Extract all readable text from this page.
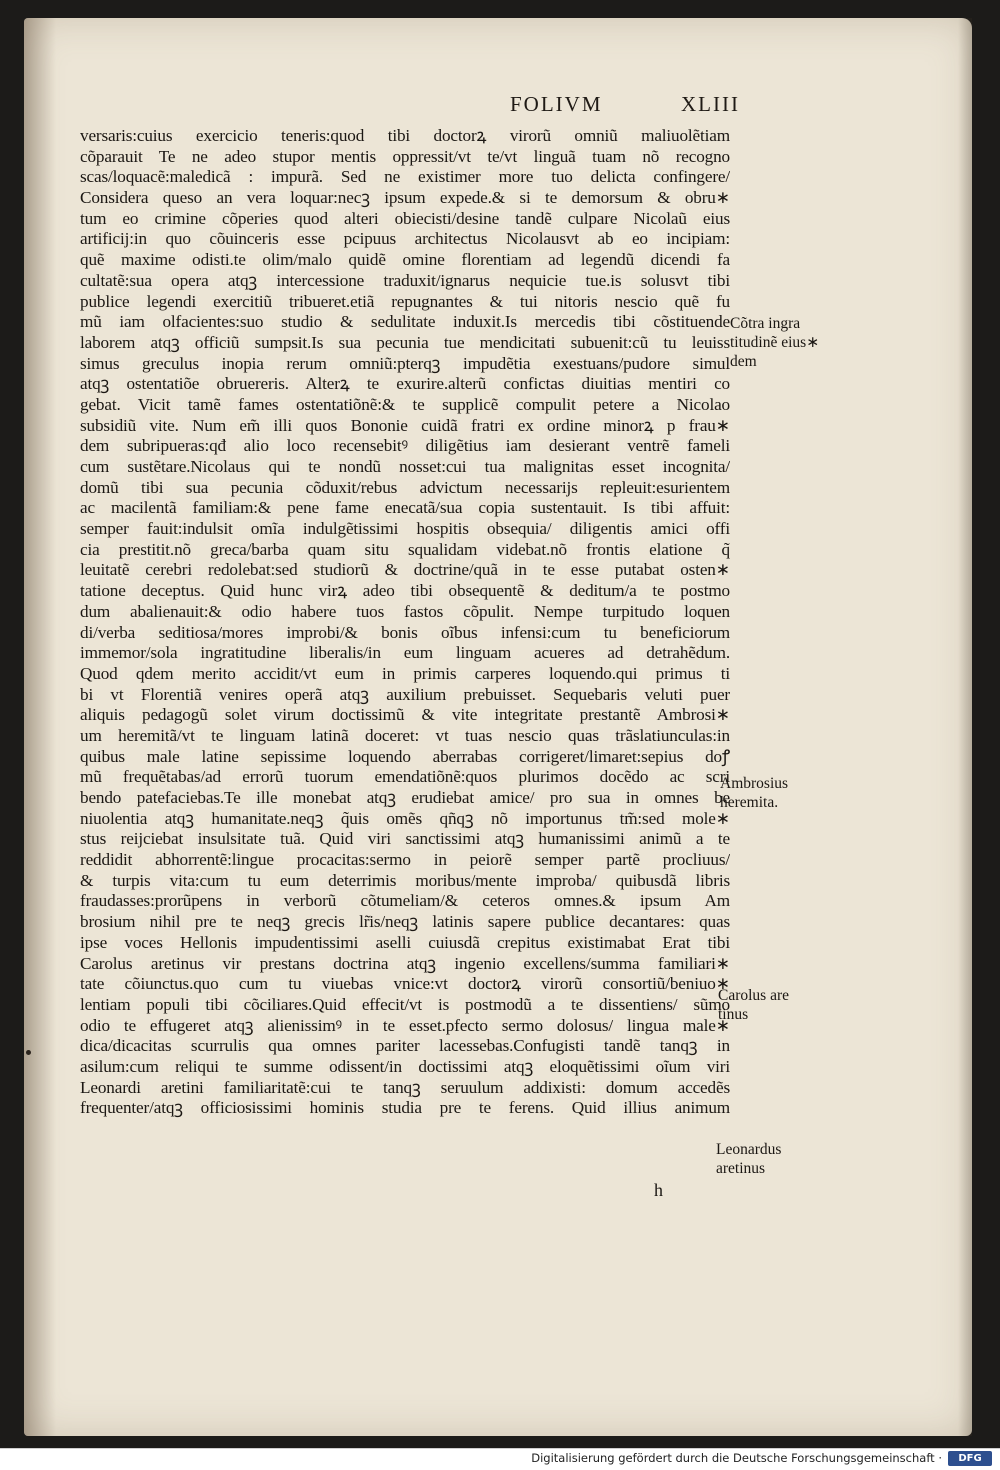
FOLIVM	XLIII
versaris:cuius exercicio teneris:quod tibi doctorꝝ virorũ omniũ maliuolẽtiam
cõparauit Te ne adeo stupor mentis oppressit/vt te/vt linguã tuam nõ recogno
scas/loquacẽ:maledicã : impurã. Sed ne existimer more tuo delicta confingere/
Considera queso an vera loquar:necꝫ ipsum expede.& si te demorsum & obru∗
tum eo crimine cõperies quod alteri obiecisti/desine tandẽ culpare Nicolaũ eius
artificij:in quo cõuinceris esse pcipuus architectus Nicolausvt ab eo incipiam:
quẽ maxime odisti.te olim/malo quidẽ omine florentiam ad legendũ dicendi fa
cultatẽ:sua opera atqꝫ intercessione traduxit/ignarus nequicie tue.is solusvt tibi
publice legendi exercitiũ tribueret.etiã repugnantes & tui nitoris nescio quẽ fu
mũ iam olfacientes:suo studio & sedulitate induxit.Is mercedis tibi cõstituende
laborem atqꝫ officiũ sumpsit.Is sua pecunia tue mendicitati subuenit:cũ tu leuiss
simus greculus inopia rerum omniũ:pterqꝫ impudẽtia exestuans/pudore simul
atqꝫ ostentatiõe obruereris. Alterꝝ te exurire.alterũ confictas diuitias mentiri co
gebat. Vicit tamẽ fames ostentatiõnẽ:& te supplicẽ compulit petere a Nicolao
subsidiũ vite. Num em̃ illi quos Bononie cuidã fratri ex ordine minorꝝ p frau∗
dem subripueras:qđ alio loco recensebitꝰ diligẽtius iam desierant ventrẽ fameli
cum sustẽtare.Nicolaus qui te nondũ nosset:cui tua malignitas esset incognita/
domũ tibi sua pecunia cõduxit/rebus advictum necessarijs repleuit:esurientem
ac macilentã familiam:& pene fame enecatã/sua copia sustentauit. Is tibi affuit:
semper fauit:indulsit omĩa indulgẽtissimi hospitis obsequia/ diligentis amici offi
cia prestitit.nõ greca/barba quam situ squalidam videbat.nõ frontis elatione q̃
leuitatẽ cerebri redolebat:sed studiorũ & doctrine/quã in te esse putabat osten∗
tatione deceptus. Quid hunc virꝝ adeo tibi obsequentẽ & deditum/a te postmo
dum abalienauit:& odio habere tuos fastos cõpulit. Nempe turpitudo loquen
di/verba seditiosa/mores improbi/& bonis oĩbus infensi:cum tu beneficiorum
immemor/sola ingratitudine liberalis/in eum linguam acueres ad detrahẽdum.
Quod qdem merito accidit/vt eum in primis carperes loquendo.qui primus ti
bi vt Florentiã venires operã atqꝫ auxilium prebuisset. Sequebaris veluti puer
aliquis pedagogũ solet virum doctissimũ & vite integritate prestantẽ Ambrosi∗
um heremitã/vt te linguam latinã doceret: vt tuas nescio quas trãslatiunculas:in
quibus male latine sepissime loquendo aberrabas corrigeret/limaret:sepius doꝭ
mũ frequẽtabas/ad errorũ tuorum emendatiõnẽ:quos plurimos docẽdo ac scri
bendo patefaciebas.Te ille monebat atqꝫ erudiebat amice/ pro sua in omnes be
niuolentia atqꝫ humanitate.neqꝫ q̃uis omẽs qñqꝫ nõ importunus tm̃:sed mole∗
stus reijciebat insulsitate tuã. Quid viri sanctissimi atqꝫ humanissimi animũ a te
reddidit abhorrentẽ:lingue procacitas:sermo in peiorẽ semper partẽ procliuus/
& turpis vita:cum tu eum deterrimis moribus/mente improba/ quibusdã libris
fraudasses:prorũpens in verborũ cõtumeliam/& ceteros omnes.& ipsum Am
brosium nihil pre te neqꝫ grecis lr̃is/neqꝫ latinis sapere publice decantares: quas
ipse voces Hellonis impudentissimi aselli cuiusdã crepitus existimabat Erat tibi
Carolus aretinus vir prestans doctrina atqꝫ ingenio excellens/summa familiari∗
tate cõiunctus.quo cum tu viuebas vnice:vt doctorꝝ virorũ consortiũ/beniuo∗
lentiam populi tibi cõciliares.Quid effecit/vt is postmodũ a te dissentiens/ sũmo
odio te effugeret atqꝫ alienissimꝰ in te esset.pfecto sermo dolosus/ lingua male∗
dica/dicacitas scurrulis qua omnes pariter lacessebas.Confugisti tandẽ tanqꝫ in
asilum:cum reliqui te summe odissent/in doctissimi atqꝫ eloquẽtissimi oĩum viri
Leonardi aretini familiaritatẽ:cui te tanqꝫ seruulum addixisti: domum accedẽs
frequenter/atqꝫ officiosissimi hominis studia pre te ferens. Quid illius animum
Cõtra ingra
titudinẽ eius∗
dem
Ambrosius
heremita.
Carolus are
tinus
Leonardus
aretinus
h
Digitalisierung gefördert durch die Deutsche Forschungsgemeinschaft ·	DFG
